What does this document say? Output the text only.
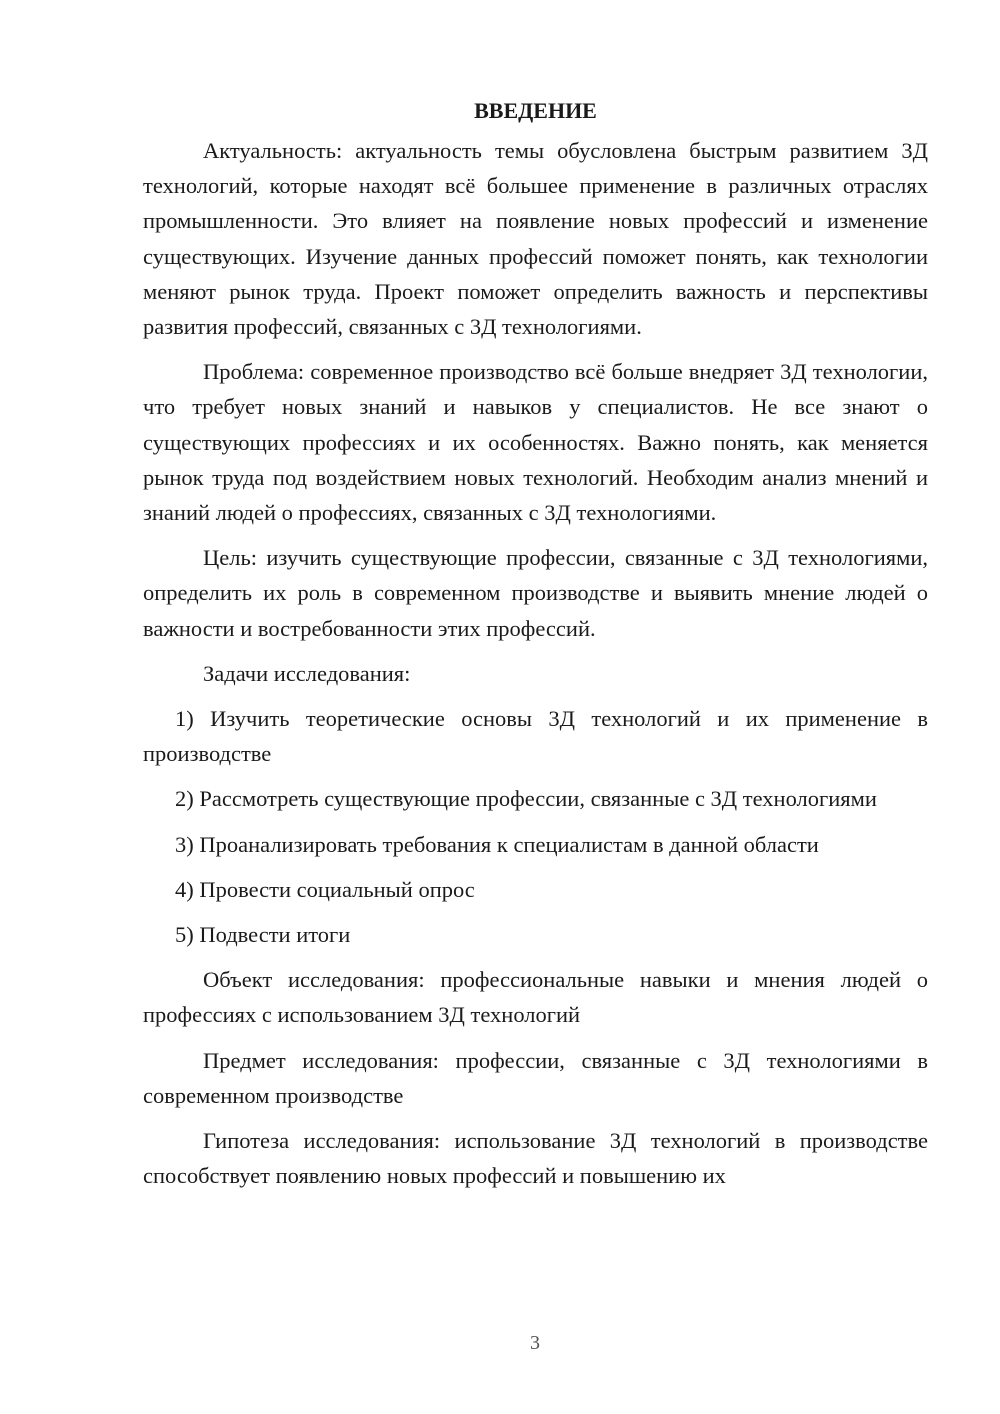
ВВЕДЕНИЕ

Актуальность: актуальность темы обусловлена быстрым развитием 3Д технологий, которые находят всё большее применение в различных отраслях промышленности. Это влияет на появление новых профессий и изменение существующих. Изучение данных профессий поможет понять, как технологии меняют рынок труда. Проект поможет определить важность и перспективы развития профессий, связанных с 3Д технологиями.

Проблема: современное производство всё больше внедряет 3Д технологии, что требует новых знаний и навыков у специалистов. Не все знают о существующих профессиях и их особенностях. Важно понять, как меняется рынок труда под воздействием новых технологий. Необходим анализ мнений и знаний людей о профессиях, связанных с 3Д технологиями.

Цель: изучить существующие профессии, связанные с 3Д технологиями, определить их роль в современном производстве и выявить мнение людей о важности и востребованности этих профессий.

Задачи исследования:

1) Изучить теоретические основы 3Д технологий и их применение в производстве

2) Рассмотреть существующие профессии, связанные с 3Д технологиями

3) Проанализировать требования к специалистам в данной области

4) Провести социальный опрос

5) Подвести итоги

Объект исследования: профессиональные навыки и мнения людей о профессиях с использованием 3Д технологий

Предмет исследования: профессии, связанные с 3Д технологиями в современном производстве

Гипотеза исследования: использование 3Д технологий в производстве способствует появлению новых профессий и повышению их

3
